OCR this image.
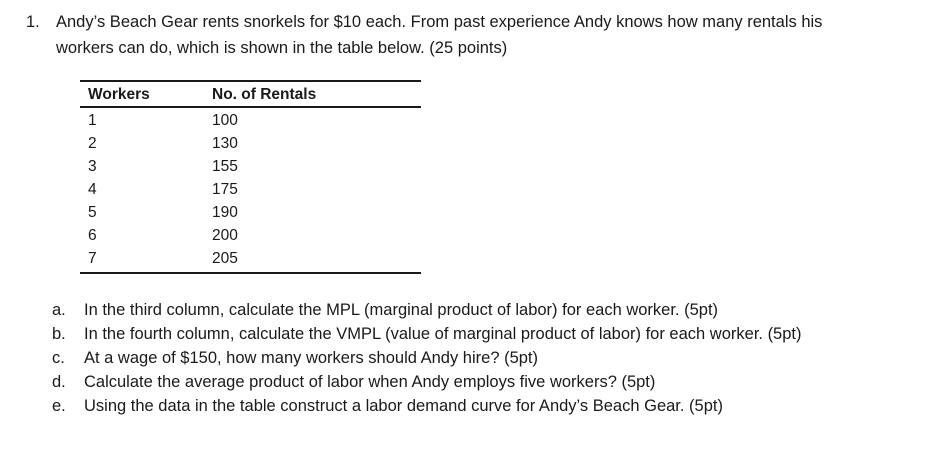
1. Andy’s Beach Gear rents snorkels for $10 each. From past experience Andy knows how many rentals his
workers can do, which is shown in the table below. (25 points)
Workers	No. of Rentals
1	100
2	130
3	155
4	175
5	190
6	200
7	205
a. In the third column, calculate the MPL (marginal product of labor) for each worker. (5pt)
b. In the fourth column, calculate the VMPL (value of marginal product of labor) for each worker. (5pt)
c. At a wage of $150, how many workers should Andy hire? (5pt)
d. Calculate the average product of labor when Andy employs five workers? (5pt)
e. Using the data in the table construct a labor demand curve for Andy’s Beach Gear. (5pt)
